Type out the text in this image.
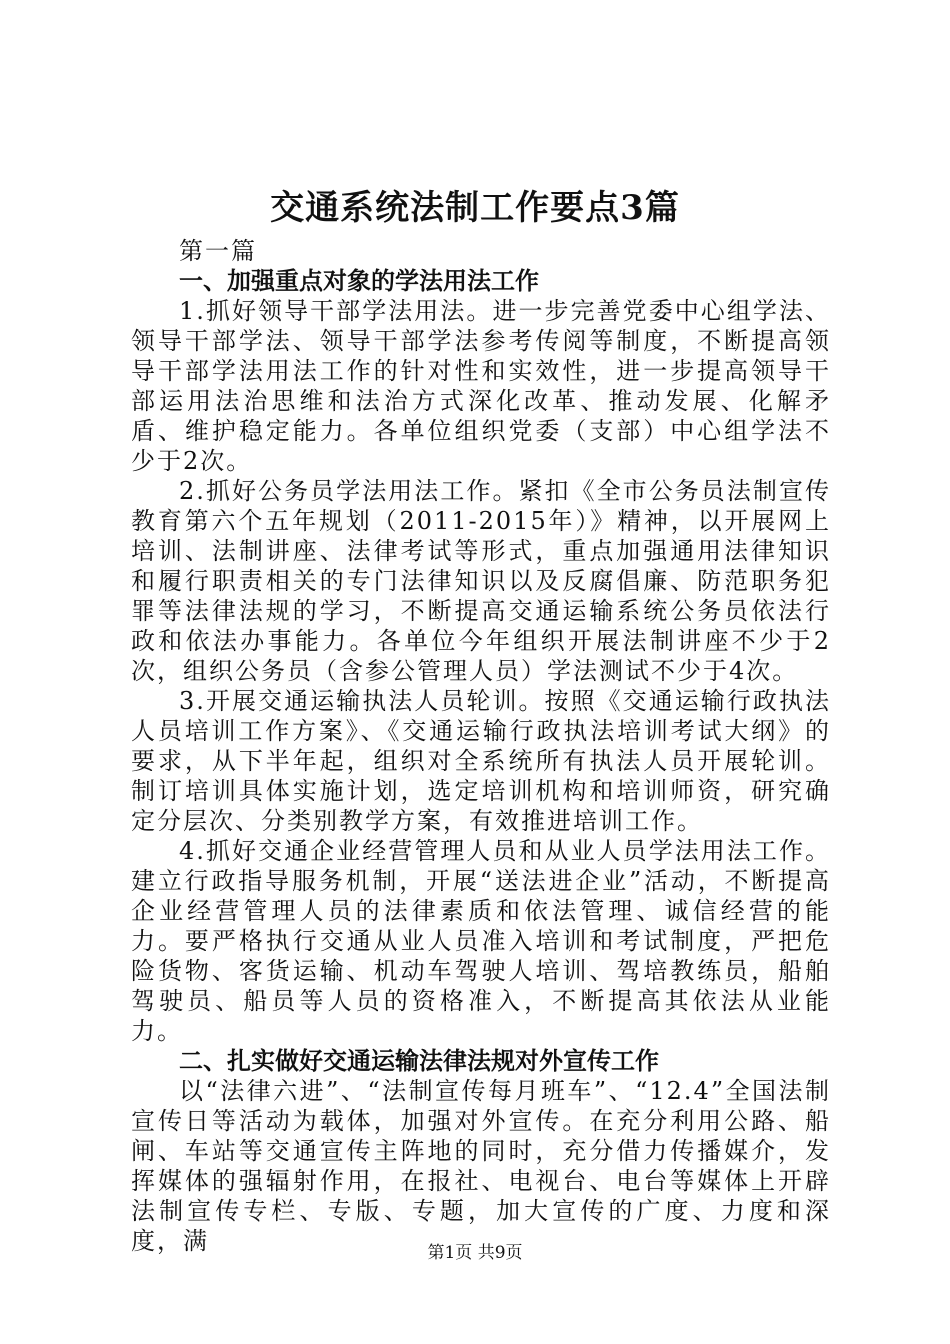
交通系统法制工作要点3篇

第一篇

一、加强重点对象的学法用法工作

1.抓好领导干部学法用法。进一步完善党委中心组学法、领导干部学法、领导干部学法参考传阅等制度，不断提高领导干部学法用法工作的针对性和实效性，进一步提高领导干部运用法治思维和法治方式深化改革、推动发展、化解矛盾、维护稳定能力。各单位组织党委（支部）中心组学法不少于2次。

2.抓好公务员学法用法工作。紧扣《全市公务员法制宣传教育第六个五年规划（2011-2015年）》精神，以开展网上培训、法制讲座、法律考试等形式，重点加强通用法律知识和履行职责相关的专门法律知识以及反腐倡廉、防范职务犯罪等法律法规的学习，不断提高交通运输系统公务员依法行政和依法办事能力。各单位今年组织开展法制讲座不少于2次，组织公务员（含参公管理人员）学法测试不少于4次。

3.开展交通运输执法人员轮训。按照《交通运输行政执法人员培训工作方案》、《交通运输行政执法培训考试大纲》的要求，从下半年起，组织对全系统所有执法人员开展轮训。制订培训具体实施计划，选定培训机构和培训师资，研究确定分层次、分类别教学方案，有效推进培训工作。

4.抓好交通企业经营管理人员和从业人员学法用法工作。建立行政指导服务机制，开展“送法进企业”活动，不断提高企业经营管理人员的法律素质和依法管理、诚信经营的能力。要严格执行交通从业人员准入培训和考试制度，严把危险货物、客货运输、机动车驾驶人培训、驾培教练员，船舶驾驶员、船员等人员的资格准入，不断提高其依法从业能力。

二、扎实做好交通运输法律法规对外宣传工作

以“法律六进”、“法制宣传每月班车”、“12.4”全国法制宣传日等活动为载体，加强对外宣传。在充分利用公路、船闸、车站等交通宣传主阵地的同时，充分借力传播媒介，发挥媒体的强辐射作用，在报社、电视台、电台等媒体上开辟法制宣传专栏、专版、专题，加大宣传的广度、力度和深度，满	第1页 共9页
